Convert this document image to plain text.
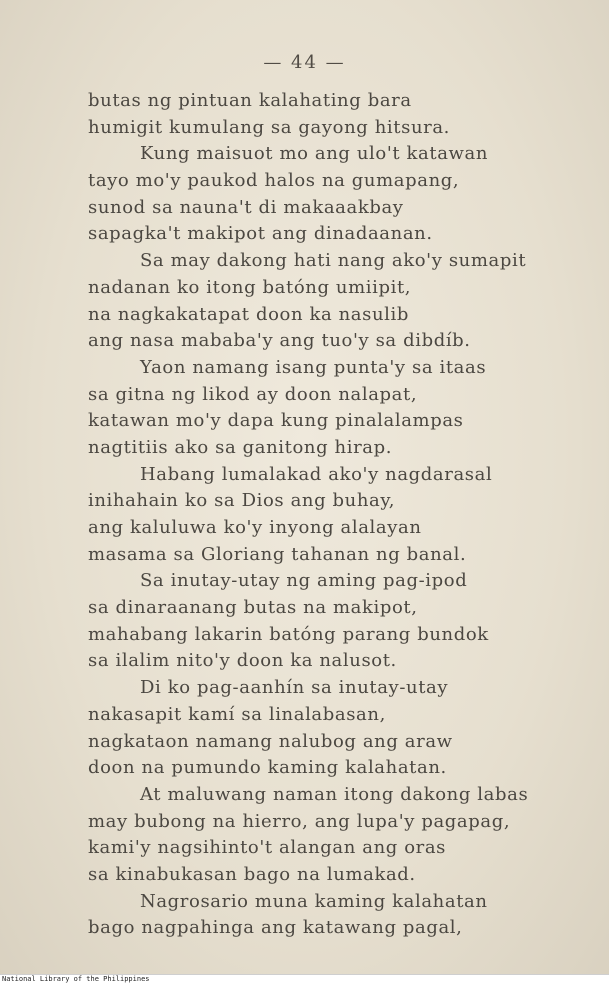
— 44 —
butas ng pintuan kalahating bara
humigit kumulang sa gayong hitsura.
Kung maisuot mo ang ulo't katawan
tayo mo'y paukod halos na gumapang,
sunod sa nauna't di makaaakbay
sapagka't makipot ang dinadaanan.
Sa may dakong hati nang ako'y sumapit
nadanan ko itong batóng umiipit,
na nagkakatapat doon ka nasulib
ang nasa mababa'y ang tuo'y sa dibdíb.
Yaon namang isang punta'y sa itaas
sa gitna ng likod ay doon nalapat,
katawan mo'y dapa kung pinalalampas
nagtitiis ako sa ganitong hirap.
Habang lumalakad ako'y nagdarasal
inihahain ko sa Dios ang buhay,
ang kaluluwa ko'y inyong alalayan
masama sa Gloriang tahanan ng banal.
Sa inutay-utay ng aming pag-ipod
sa dinaraanang butas na makipot,
mahabang lakarin batóng parang bundok
sa ilalim nito'y doon ka nalusot.
Di ko pag-aanhín sa inutay-utay
nakasapit kamí sa linalabasan,
nagkataon namang nalubog ang araw
doon na pumundo kaming kalahatan.
At maluwang naman itong dakong labas
may bubong na hierro, ang lupa'y pagapag,
kami'y nagsihinto't alangan ang oras
sa kinabukasan bago na lumakad.
Nagrosario muna kaming kalahatan
bago nagpahinga ang katawang pagal,
National Library of the Philippines
